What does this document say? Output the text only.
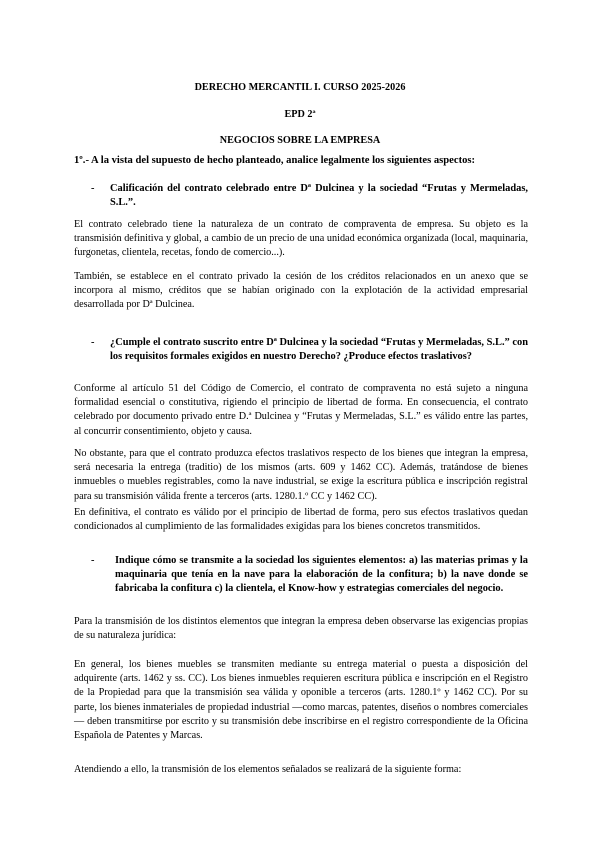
DERECHO MERCANTIL I. CURSO 2025-2026
EPD 2ª
NEGOCIOS SOBRE LA EMPRESA
1º.- A la vista del supuesto de hecho planteado, analice legalmente los siguientes aspectos:
- Calificación del contrato celebrado entre Dª Dulcinea y la sociedad “Frutas y Mermeladas, S.L.”.

El contrato celebrado tiene la naturaleza de un contrato de compraventa de empresa. Su objeto es la transmisión definitiva y global, a cambio de un precio de una unidad económica organizada (local, maquinaria, furgonetas, clientela, recetas, fondo de comercio...).

También, se establece en el contrato privado la cesión de los créditos relacionados en un anexo que se incorpora al mismo, créditos que se habían originado con la explotación de la actividad empresarial desarrollada por Dª Dulcinea.

- ¿Cumple el contrato suscrito entre Dª Dulcinea y la sociedad “Frutas y Mermeladas, S.L.” con los requisitos formales exigidos en nuestro Derecho? ¿Produce efectos traslativos?

Conforme al artículo 51 del Código de Comercio, el contrato de compraventa no está sujeto a ninguna formalidad esencial o constitutiva, rigiendo el principio de libertad de forma. En consecuencia, el contrato celebrado por documento privado entre D.ª Dulcinea y “Frutas y Mermeladas, S.L.” es válido entre las partes, al concurrir consentimiento, objeto y causa.

No obstante, para que el contrato produzca efectos traslativos respecto de los bienes que integran la empresa, será necesaria la entrega (traditio) de los mismos (arts. 609 y 1462 CC). Además, tratándose de bienes inmuebles o muebles registrables, como la nave industrial, se exige la escritura pública e inscripción registral para su transmisión válida frente a terceros (arts. 1280.1.º CC y 1462 CC).

En definitiva, el contrato es válido por el principio de libertad de forma, pero sus efectos traslativos quedan condicionados al cumplimiento de las formalidades exigidas para los bienes concretos transmitidos.

- Indique cómo se transmite a la sociedad los siguientes elementos: a) las materias primas y la maquinaria que tenía en la nave para la elaboración de la confitura; b) la nave donde se fabricaba la confitura c) la clientela, el Know-how y estrategias comerciales del negocio.

Para la transmisión de los distintos elementos que integran la empresa deben observarse las exigencias propias de su naturaleza jurídica:

En general, los bienes muebles se transmiten mediante su entrega material o puesta a disposición del adquirente (arts. 1462 y ss. CC). Los bienes inmuebles requieren escritura pública e inscripción en el Registro de la Propiedad para que la transmisión sea válida y oponible a terceros (arts. 1280.1º y 1462 CC). Por su parte, los bienes inmateriales de propiedad industrial —como marcas, patentes, diseños o nombres comerciales— deben transmitirse por escrito y su transmisión debe inscribirse en el registro correspondiente de la Oficina Española de Patentes y Marcas.

Atendiendo a ello, la transmisión de los elementos señalados se realizará de la siguiente forma:
